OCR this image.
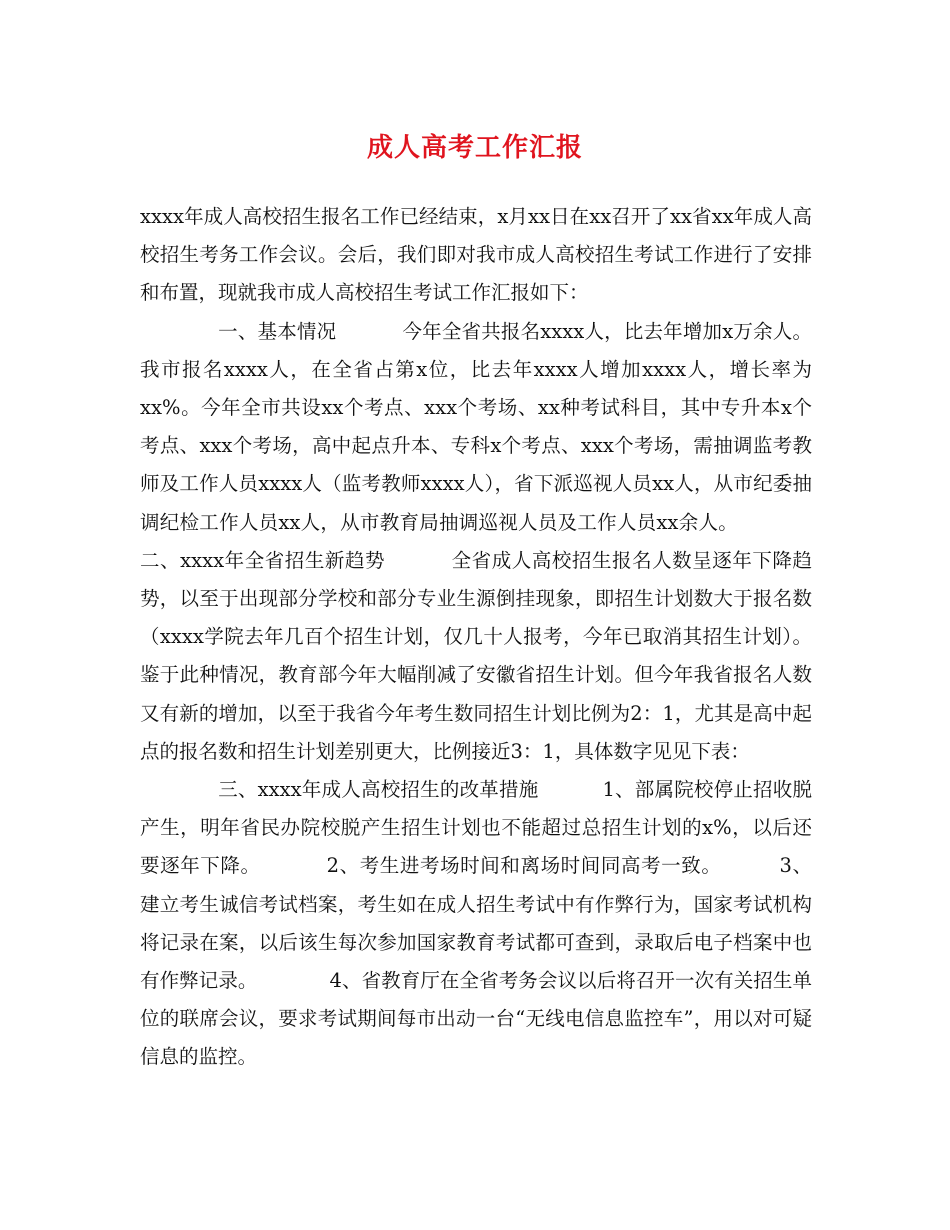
成人高考工作汇报

xxxx年成人高校招生报名工作已经结束，x月xx日在xx召开了xx省xx年成人高校招生考务工作会议。会后，我们即对我市成人高校招生考试工作进行了安排和布置，现就我市成人高校招生考试工作汇报如下：

一、基本情况	今年全省共报名xxxx人，比去年增加x万余人。我市报名xxxx人，在全省占第x位，比去年xxxx人增加xxxx人，增长率为xx%。今年全市共设xx个考点、xxx个考场、xx种考试科目，其中专升本x个考点、xxx个考场，高中起点升本、专科x个考点、xxx个考场，需抽调监考教师及工作人员xxxx人（监考教师xxxx人），省下派巡视人员xx人，从市纪委抽调纪检工作人员xx人，从市教育局抽调巡视人员及工作人员xx余人。二、xxxx年全省招生新趋势	全省成人高校招生报名人数呈逐年下降趋势，以至于出现部分学校和部分专业生源倒挂现象，即招生计划数大于报名数（xxxx学院去年几百个招生计划，仅几十人报考，今年已取消其招生计划）。鉴于此种情况，教育部今年大幅削减了安徽省招生计划。但今年我省报名人数又有新的增加，以至于我省今年考生数同招生计划比例为2：1，尤其是高中起点的报名数和招生计划差别更大，比例接近3：1，具体数字见见下表：

三、xxxx年成人高校招生的改革措施	1、部属院校停止招收脱产生，明年省民办院校脱产生招生计划也不能超过总招生计划的x%，以后还要逐年下降。	2、考生进考场时间和离场时间同高考一致。	3、建立考生诚信考试档案，考生如在成人招生考试中有作弊行为，国家考试机构将记录在案，以后该生每次参加国家教育考试都可查到，录取后电子档案中也有作弊记录。	4、省教育厅在全省考务会议以后将召开一次有关招生单位的联席会议，要求考试期间每市出动一台“无线电信息监控车”，用以对可疑信息的监控。
